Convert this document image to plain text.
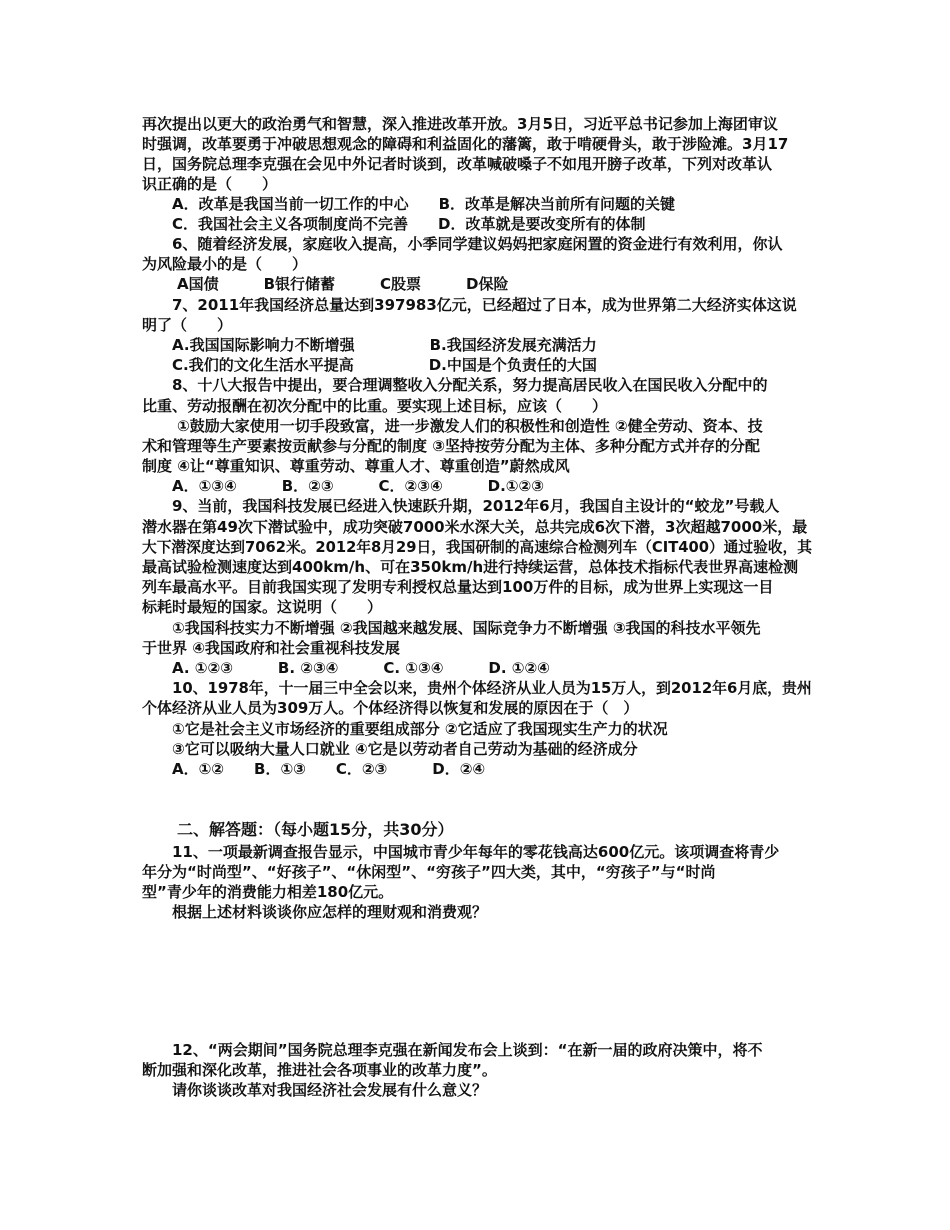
再次提出以更大的政治勇气和智慧，深入推进改革开放。3月5日，习近平总书记参加上海团审议
时强调，改革要勇于冲破思想观念的障碍和利益固化的藩篱，敢于啃硬骨头，敢于涉险滩。3月17
日，国务院总理李克强在会见中外记者时谈到，改革喊破嗓子不如甩开膀子改革，下列对改革认
识正确的是（　　）
A．改革是我国当前一切工作的中心　　B．改革是解决当前所有问题的关键
C．我国社会主义各项制度尚不完善　　D．改革就是要改变所有的体制
6、随着经济发展，家庭收入提高，小季同学建议妈妈把家庭闲置的资金进行有效利用，你认
为风险最小的是（　　）
A国债　　　B银行储蓄　　　C股票　　　D保险
7、2011年我国经济总量达到397983亿元，已经超过了日本，成为世界第二大经济实体这说
明了（　　）
A.我国国际影响力不断增强　　　　　B.我国经济发展充满活力
C.我们的文化生活水平提高　　　　　D.中国是个负责任的大国
8、十八大报告中提出，要合理调整收入分配关系，努力提高居民收入在国民收入分配中的
比重、劳动报酬在初次分配中的比重。要实现上述目标，应该（　　）
①鼓励大家使用一切手段致富，进一步激发人们的积极性和创造性 ②健全劳动、资本、技
术和管理等生产要素按贡献参与分配的制度 ③坚持按劳分配为主体、多种分配方式并存的分配
制度 ④让“尊重知识、尊重劳动、尊重人才、尊重创造”蔚然成风
A．①③④　　　B．②③　　　C．②③④　　　D.①②③
9、当前，我国科技发展已经进入快速跃升期，2012年6月，我国自主设计的“蛟龙”号载人
潜水器在第49次下潜试验中，成功突破7000米水深大关，总共完成6次下潜，3次超越7000米，最
大下潜深度达到7062米。2012年8月29日，我国研制的高速综合检测列车（CIT400）通过验收，其
最高试验检测速度达到400km/h、可在350km/h进行持续运营，总体技术指标代表世界高速检测
列车最高水平。目前我国实现了发明专利授权总量达到100万件的目标，成为世界上实现这一目
标耗时最短的国家。这说明（　　）
①我国科技实力不断增强 ②我国越来越发展、国际竞争力不断增强 ③我国的科技水平领先
于世界 ④我国政府和社会重视科技发展
A. ①②③　　　B. ②③④　　　C. ①③④　　　D. ①②④
10、1978年，十一届三中全会以来，贵州个体经济从业人员为15万人，到2012年6月底，贵州
个体经济从业人员为309万人。个体经济得以恢复和发展的原因在于（　）
①它是社会主义市场经济的重要组成部分 ②它适应了我国现实生产力的状况
③它可以吸纳大量人口就业 ④它是以劳动者自己劳动为基础的经济成分
A．①②　　B．①③　　C．②③　　　D．②④
二、解答题：（每小题15分，共30分）
11、一项最新调查报告显示，中国城市青少年每年的零花钱高达600亿元。该项调查将青少
年分为“时尚型”、“好孩子”、“休闲型”、“穷孩子”四大类，其中，“穷孩子”与“时尚
型”青少年的消费能力相差180亿元。
根据上述材料谈谈你应怎样的理财观和消费观？
12、“两会期间”国务院总理李克强在新闻发布会上谈到：“在新一届的政府决策中，将不
断加强和深化改革，推进社会各项事业的改革力度”。
请你谈谈改革对我国经济社会发展有什么意义？
